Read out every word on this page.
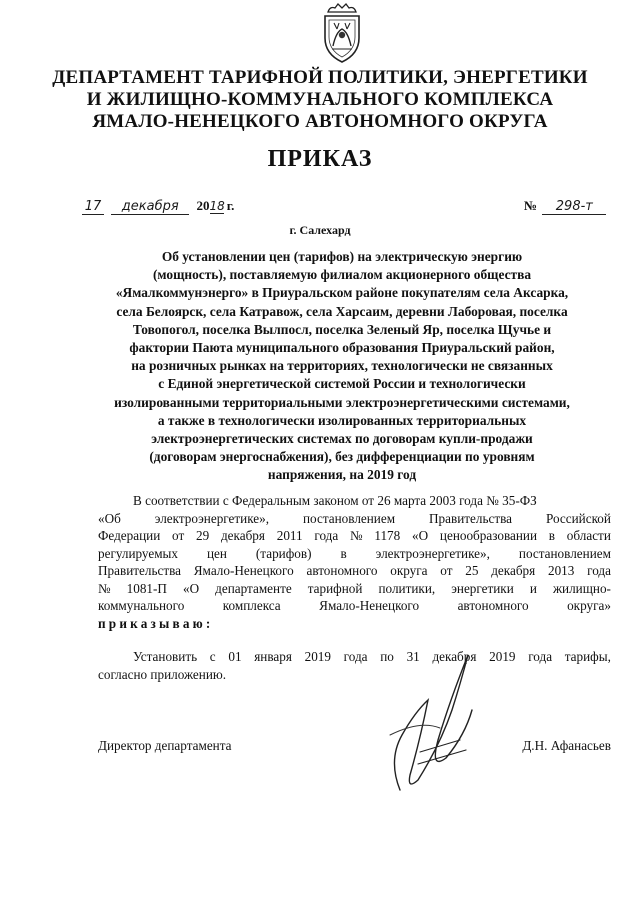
ДЕПАРТАМЕНТ ТАРИФНОЙ ПОЛИТИКИ, ЭНЕРГЕТИКИ
И ЖИЛИЩНО-КОММУНАЛЬНОГО КОМПЛЕКСА
ЯМАЛО-НЕНЕЦКОГО АВТОНОМНОГО ОКРУГА
ПРИКАЗ
17 декабря 2018 г.	№ 298-т
г. Салехард
Об установлении цен (тарифов) на электрическую энергию
(мощность), поставляемую филиалом акционерного общества
«Ямалкоммунэнерго» в Приуральском районе покупателям села Аксарка,
села Белоярск, села Катравож, села Харсаим, деревни Лаборовая, поселка
Товопогол, поселка Вылпосл, поселка Зеленый Яр, поселка Щучье и
фактории Паюта муниципального образования Приуральский район,
на розничных рынках на территориях, технологически не связанных
с Единой энергетической системой России и технологически
изолированными территориальными электроэнергетическими системами,
а также в технологически изолированных территориальных
электроэнергетических системах по договорам купли-продажи
(договорам энергоснабжения), без дифференциации по уровням
напряжения, на 2019 год
В соответствии с Федеральным законом от 26 марта 2003 года № 35-ФЗ
«Об	электроэнергетике»,	постановлением	Правительства	Российской
Федерации от 29 декабря 2011 года № 1178 «О ценообразовании в области
регулируемых цен (тарифов) в электроэнергетике», постановлением
Правительства Ямало-Ненецкого автономного округа от 25 декабря 2013 года
№ 1081-П «О департаменте тарифной политики, энергетики и жилищно-
коммунального	комплекса	Ямало-Ненецкого	автономного	округа»
приказываю:
Установить с 01 января 2019 года по 31 декабря 2019 года тарифы,
согласно приложению.
Директор департамента	Д.Н. Афанасьев
